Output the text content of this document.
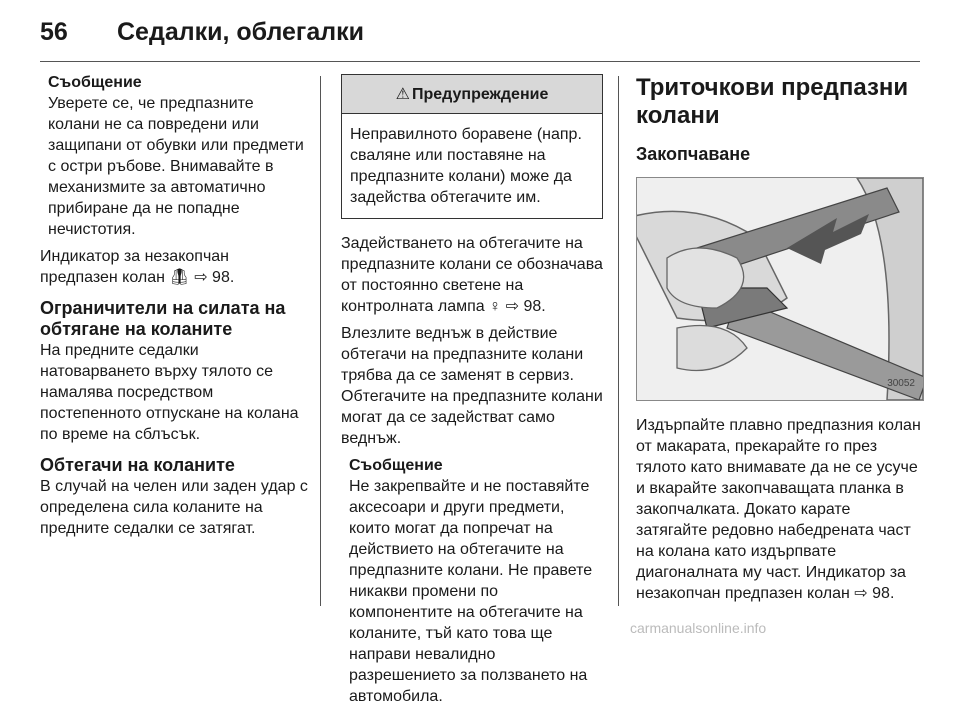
56 Седалки, облегалки

Съобщение

Уверете се, че предпазните колани не са повредени или защипани от обувки или предмети с остри ръбове. Внимавайте в механизмите за автоматично прибиране да не попадне нечистотия.

Индикатор за незакопчан предпазен колан 🦺︎ ⇨ 98.

Ограничители на силата на обтягане на коланите

На предните седалки натоварването върху тялото се намалява посредством постепенното отпускане на колана по време на сблъсък.

Обтегачи на коланите

В случай на челен или заден удар с определена сила коланите на предните седалки се затягат.

⚠ Предупреждение
Неправилното боравене (напр. сваляне или поставяне на предпазните колани) може да задейства обтегачите им.

Задействането на обтегачите на предпазните колани се обозначава от постоянно светене на контролната лампа ♀ ⇨ 98.

Влезлите веднъж в действие обтегачи на предпазните колани трябва да се заменят в сервиз. Обтегачите на предпазните колани могат да се задействат само веднъж.

Съобщение

Не закрепвайте и не поставяйте аксесоари и други предмети, които могат да попречат на действието на обтегачите на предпазните колани. Не правете никакви промени по компонентите на обтегачите на коланите, тъй като това ще направи невалидно разрешението за ползването на автомобила.

Триточкови предпазни колани
Закопчаване
30052

Издърпайте плавно предпазния колан от макарата, прекарайте го през тялото като внимавате да не се усуче и вкарайте закопчаващата планка в закопчалката. Докато карате затягайте редовно набедрената част на колана като издърпвате диагоналната му част. Индикатор за незакопчан предпазен колан ⇨ 98.

carmanualsonline.info
